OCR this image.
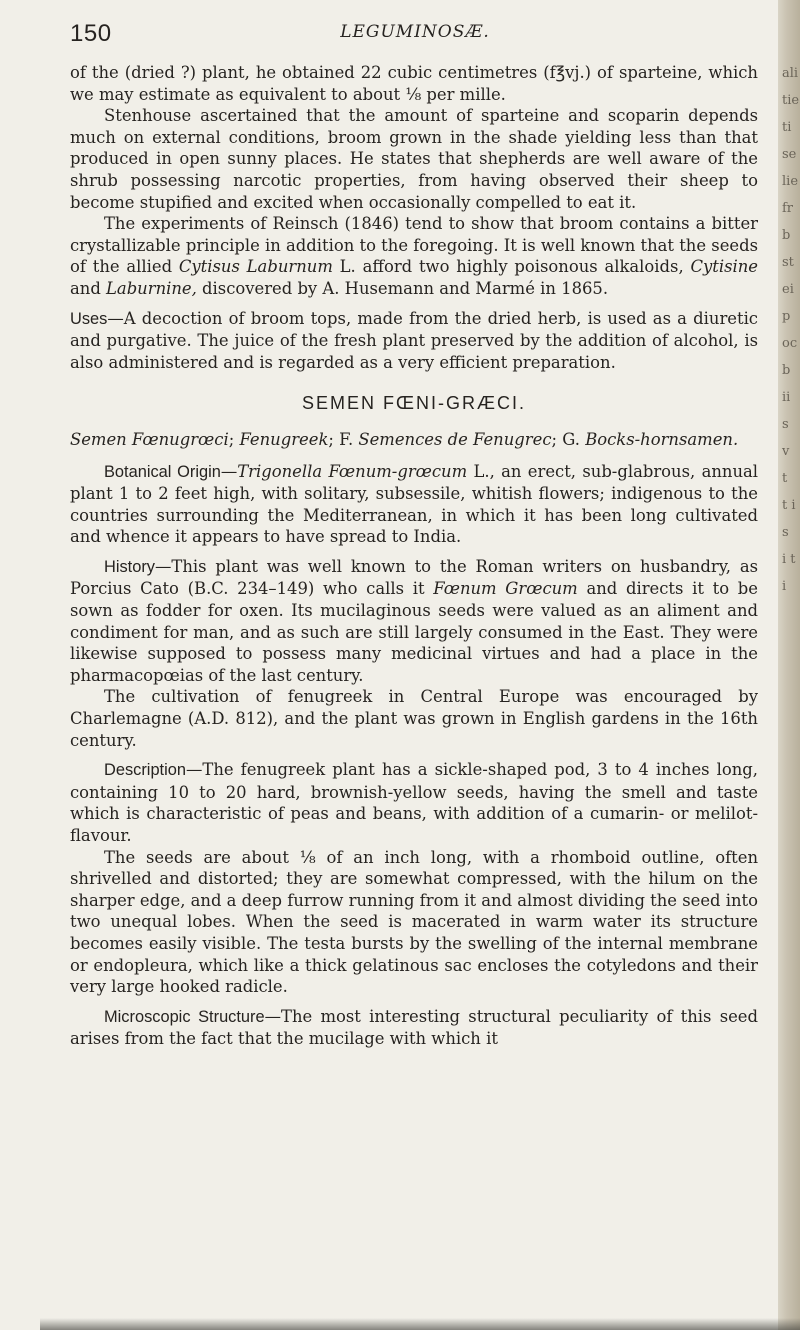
150	LEGUMINOSÆ.

of the (dried ?) plant, he obtained 22 cubic centimetres (f℥vj.) of sparteine, which we may estimate as equivalent to about ⅛ per mille.

Stenhouse ascertained that the amount of sparteine and scoparin depends much on external conditions, broom grown in the shade yielding less than that produced in open sunny places. He states that shepherds are well aware of the shrub possessing narcotic properties, from having observed their sheep to become stupified and excited when occasionally compelled to eat it.

The experiments of Reinsch (1846) tend to show that broom contains a bitter crystallizable principle in addition to the foregoing. It is well known that the seeds of the allied Cytisus Laburnum L. afford two highly poisonous alkaloids, Cytisine and Laburnine, discovered by A. Husemann and Marmé in 1865.

Uses—A decoction of broom tops, made from the dried herb, is used as a diuretic and purgative. The juice of the fresh plant preserved by the addition of alcohol, is also administered and is regarded as a very efficient preparation.

SEMEN FŒNI-GRÆCI.

Semen Fœnugrœci; Fenugreek; F. Semences de Fenugrec; G. Bocks-hornsamen.

Botanical Origin—Trigonella Fœnum-grœcum L., an erect, sub-glabrous, annual plant 1 to 2 feet high, with solitary, subsessile, whitish flowers; indigenous to the countries surrounding the Mediterranean, in which it has been long cultivated and whence it appears to have spread to India.

History—This plant was well known to the Roman writers on husbandry, as Porcius Cato (B.C. 234–149) who calls it Fœnum Grœcum and directs it to be sown as fodder for oxen. Its mucilaginous seeds were valued as an aliment and condiment for man, and as such are still largely consumed in the East. They were likewise supposed to possess many medicinal virtues and had a place in the pharmacopœias of the last century.

The cultivation of fenugreek in Central Europe was encouraged by Charlemagne (A.D. 812), and the plant was grown in English gardens in the 16th century.

Description—The fenugreek plant has a sickle-shaped pod, 3 to 4 inches long, containing 10 to 20 hard, brownish-yellow seeds, having the smell and taste which is characteristic of peas and beans, with addition of a cumarin- or melilot-flavour.

The seeds are about ⅛ of an inch long, with a rhomboid outline, often shrivelled and distorted; they are somewhat compressed, with the hilum on the sharper edge, and a deep furrow running from it and almost dividing the seed into two unequal lobes. When the seed is macerated in warm water its structure becomes easily visible. The testa bursts by the swelling of the internal membrane or endopleura, which like a thick gelatinous sac encloses the cotyledons and their very large hooked radicle.

Microscopic Structure—The most interesting structural peculiarity of this seed arises from the fact that the mucilage with which it

ali tie ti se lie fr b st ei p oc b ii s v t t i s i t i
